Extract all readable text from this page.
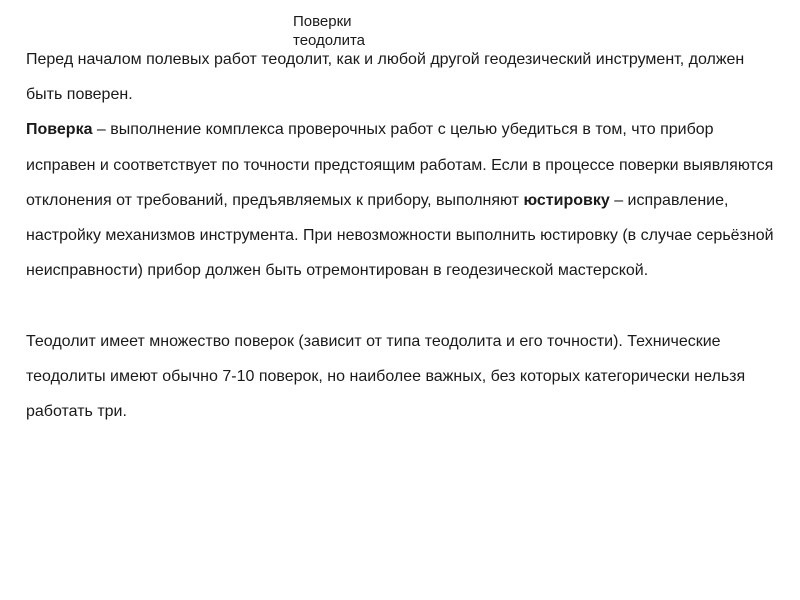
Поверки теодолита

Перед началом полевых работ теодолит, как и любой другой геодезический инструмент, должен быть поверен.

Поверка – выполнение комплекса проверочных работ с целью убедиться в том, что прибор исправен и соответствует по точности предстоящим работам. Если в процессе поверки выявляются отклонения от требований, предъявляемых к прибору, выполняют юстировку – исправление, настройку механизмов инструмента. При невозможности выполнить юстировку (в случае серьёзной неисправности) прибор должен быть отремонтирован в геодезической мастерской.

Теодолит имеет множество поверок (зависит от типа теодолита и его точности). Технические теодолиты имеют обычно 7-10 поверок, но наиболее важных, без которых категорически нельзя работать три.
